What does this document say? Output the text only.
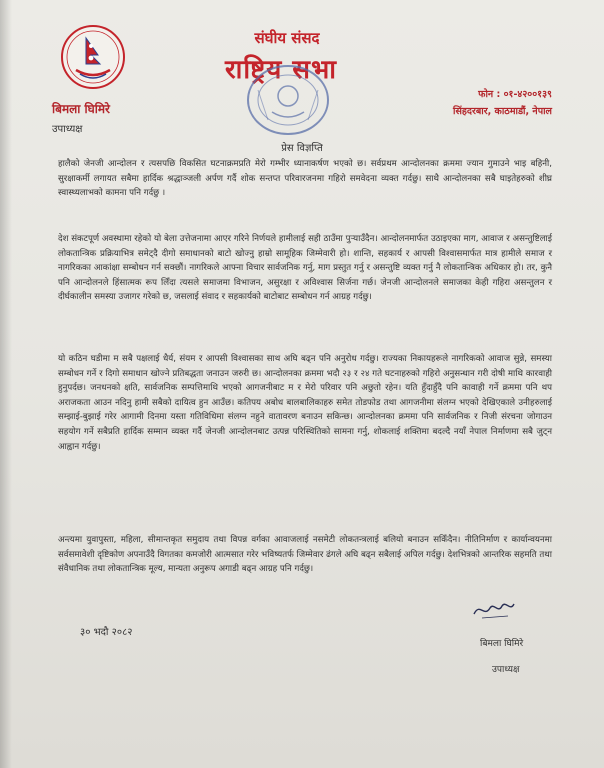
बिमला घिमिरे
उपाध्यक्ष
संघीय संसद
राष्ट्रिय सभा
फोन : ०१-४२००१३९
सिंहदरबार, काठमाडौं, नेपाल
प्रेस विज्ञप्ति
हालैको जेनजी आन्दोलन र त्यसपछि विकसित घटनाक्रमप्रति मेरो गम्भीर ध्यानाकर्षण भएको छ। सर्वप्रथम आन्दोलनका क्रममा ज्यान गुमाउने भाइ बहिनी, सुरक्षाकर्मी लगायत सबैमा हार्दिक श्रद्धाञ्जली अर्पण गर्दै शोक सन्तप्त परिवारजनमा गहिरो समवेदना व्यक्त गर्दछु। साथै आन्दोलनका सबै घाइतेहरुको शीघ्र स्वास्थ्यलाभको कामना पनि गर्दछु ।
देश संकटपूर्ण अवस्थामा रहेको यो बेला उत्तेजनामा आएर गरिने निर्णयले हामीलाई सही ठाउँमा पुऱ्याउँदैन। आन्दोलनमार्फत उठाइएका माग, आवाज र असन्तुष्टिलाई लोकतान्त्रिक प्रक्रियाभित्र समेट्दै दीगो समाधानको बाटो खोज्नु हाम्रो सामूहिक जिम्मेवारी हो। शान्ति, सहकार्य र आपसी विश्वासमार्फत मात्र हामीले समाज र नागरिकका आकांक्षा सम्बोधन गर्न सक्छौं। नागरिकले आफ्ना विचार सार्वजनिक गर्नु, माग प्रस्तुत गर्नु र असन्तुष्टि व्यक्त गर्नु नै लोकतान्त्रिक अधिकार हो। तर, कुनै पनि आन्दोलनले हिंसात्मक रूप लिँदा त्यसले समाजमा विभाजन, असुरक्षा र अविश्वास सिर्जना गर्छ। जेनजी आन्दोलनले समाजका केही गहिरा असन्तुलन र दीर्घकालीन समस्या उजागर गरेको छ, जसलाई संवाद र सहकार्यको बाटोबाट सम्बोधन गर्न आग्रह गर्दछु।
यो कठिन घडीमा म सबै पक्षलाई धैर्य, संयम र आपसी विश्वासका साथ अघि बढ्न पनि अनुरोध गर्दछु। राज्यका निकायहरूले नागरिकको आवाज सुन्ने, समस्या सम्बोधन गर्ने र दिगो समाधान खोज्ने प्रतिबद्धता जनाउन जरुरी छ। आन्दोलनका क्रममा भदौ २३ र २४ गते घटनाहरुको गहिरो अनुसन्धान गरी दोषी माथि कारवाही हुनुपर्दछ। जनधनको क्षति, सार्वजनिक सम्पत्तिमाथि भएको आगजनीबाट म र मेरो परिवार पनि अछुतो रहेन। यति हुँदाहुँदै पनि कावाही गर्ने क्रममा पनि थप अराजकता आउन नदिनु हामी सबैको दायित्व हुन आउँछ। कतिपय अबोध बालबालिकाहरु समेत तोडफोड तथा आगजनीमा संलग्न भएको देखिएकाले उनीहरुलाई सम्झाई-बुझाई गरेर आगामी दिनमा यस्ता गतिविधिमा संलग्न नहुने वातावरण बनाउन सकिन्छ। आन्दोलनका क्रममा पनि सार्वजनिक र निजी संरचना जोगाउन सहयोग गर्ने सबैप्रति हार्दिक सम्मान व्यक्त गर्दै जेनजी आन्दोलनबाट उत्पन्न परिस्थितिको सामना गर्नु, शोकलाई शक्तिमा बदल्दै नयाँ नेपाल निर्माणमा सबै जुट्न आह्वान गर्दछु।
अन्त्यमा युवापुस्ता, महिला, सीमान्तकृत समुदाय तथा विपन्न वर्गका आवाजलाई नसमेटी लोकतन्त्रलाई बलियो बनाउन सकिँदैन। नीतिनिर्माण र कार्यान्वयनमा सर्वसमावेशी दृष्टिकोण अपनाउँदै विगतका कमजोरी आत्मसात गरेर भविष्यतर्फ जिम्मेवार ढंगले अघि बढ्न सबैलाई अपिल गर्दछु। देशभित्रको आन्तरिक सहमति तथा संवैधानिक तथा लोकतान्त्रिक मूल्य, मान्यता अनुरूप अगाडी बढ्न आग्रह पनि गर्दछु।
३० भदौ २०८२
बिमला घिमिरे
उपाध्यक्ष
